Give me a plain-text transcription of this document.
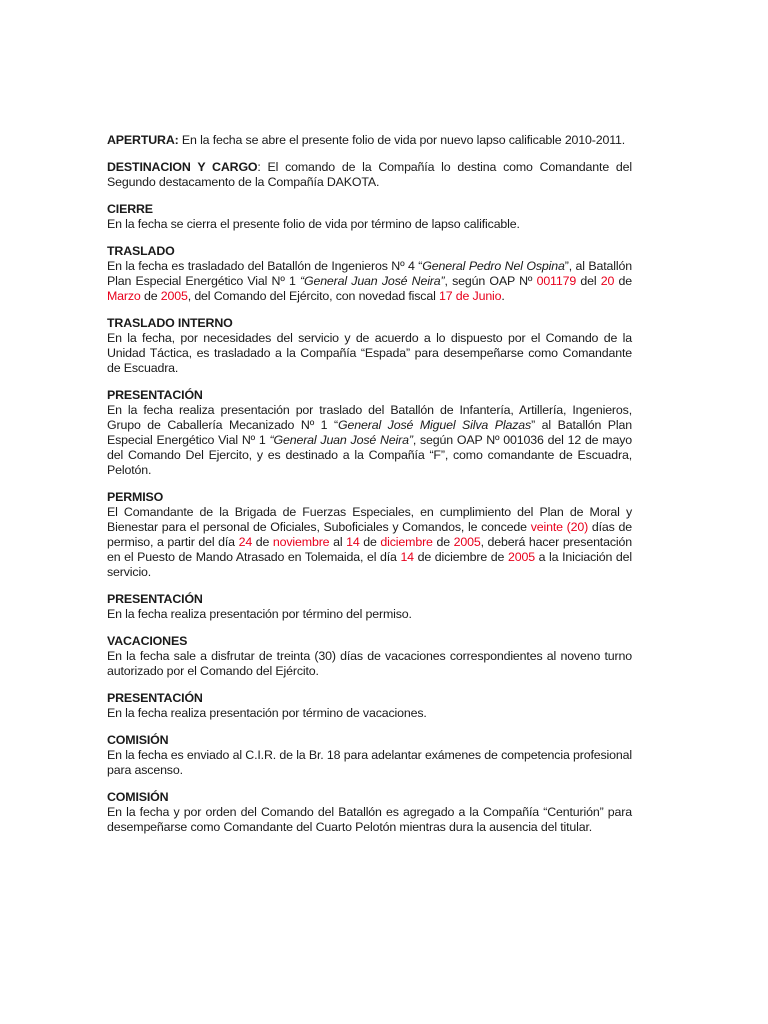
APERTURA: En la fecha se abre el presente folio de vida por nuevo lapso calificable 2010-2011.

DESTINACION Y CARGO: El comando de la Compañía lo destina como Comandante del Segundo destacamento de la Compañía DAKOTA.

CIERRE

En la fecha se cierra el presente folio de vida por término de lapso calificable.

TRASLADO

En la fecha es trasladado del Batallón de Ingenieros Nº 4 “General Pedro Nel Ospina”, al Batallón Plan Especial Energético Vial Nº 1 “General Juan José Neira”, según OAP Nº 001179 del 20 de Marzo de 2005, del Comando del Ejército, con novedad fiscal 17 de Junio.

TRASLADO INTERNO

En la fecha, por necesidades del servicio y de acuerdo a lo dispuesto por el Comando de la Unidad Táctica, es trasladado a la Compañía “Espada” para desempeñarse como Comandante de Escuadra.

PRESENTACIÓN

En la fecha realiza presentación por traslado del Batallón de Infantería, Artillería, Ingenieros, Grupo de Caballería Mecanizado Nº 1 “General José Miguel Silva Plazas” al Batallón Plan Especial Energético Vial Nº 1 “General Juan José Neira”, según OAP Nº 001036 del 12 de mayo del Comando Del Ejercito, y es destinado a la Compañía “F”, como comandante de Escuadra, Pelotón.

PERMISO

El Comandante de la Brigada de Fuerzas Especiales, en cumplimiento del Plan de Moral y Bienestar para el personal de Oficiales, Suboficiales y Comandos, le concede veinte (20) días de permiso, a partir del día 24 de noviembre al 14 de diciembre de 2005, deberá hacer presentación en el Puesto de Mando Atrasado en Tolemaida, el día 14 de diciembre de 2005 a la Iniciación del servicio.

PRESENTACIÓN

En la fecha realiza presentación por término del permiso.

VACACIONES

En la fecha sale a disfrutar de treinta (30) días de vacaciones correspondientes al noveno turno autorizado por el Comando del Ejército.

PRESENTACIÓN

En la fecha realiza presentación por término de vacaciones.

COMISIÓN

En la fecha es enviado al C.I.R. de la Br. 18 para adelantar exámenes de competencia profesional para ascenso.

COMISIÓN

En la fecha y por orden del Comando del Batallón es agregado a la Compañía “Centurión” para desempeñarse como Comandante del Cuarto Pelotón mientras dura la ausencia del titular.
